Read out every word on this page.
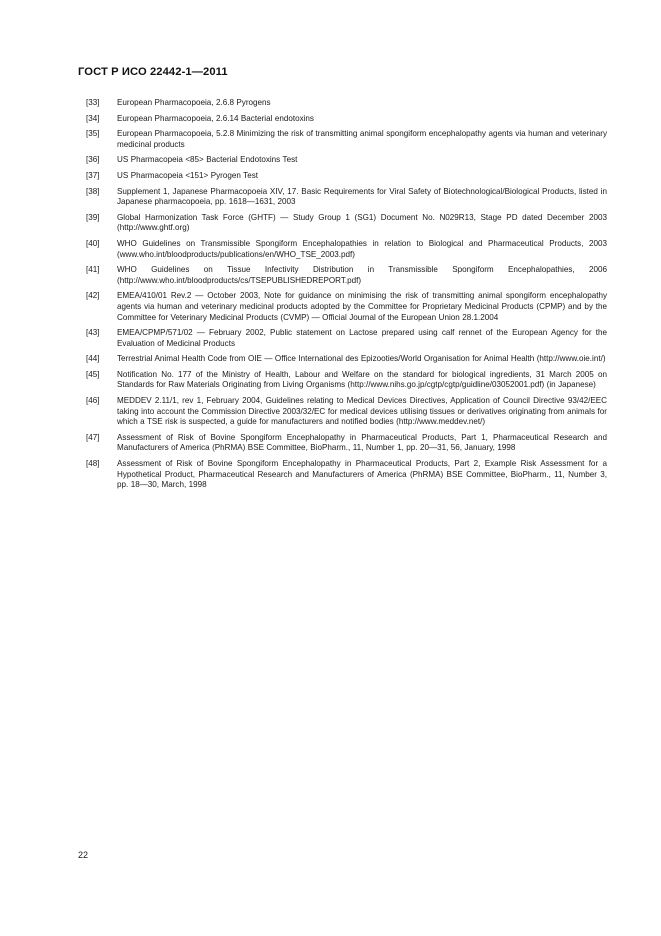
ГОСТ Р ИСО 22442-1—2011
[33]	European Pharmacopoeia, 2.6.8 Pyrogens
[34]	European Pharmacopoeia, 2.6.14 Bacterial endotoxins
[35]	European Pharmacopoeia, 5.2.8 Minimizing the risk of transmitting animal spongiform encephalopathy agents via human and veterinary medicinal products
[36]	US Pharmacopeia <85> Bacterial Endotoxins Test
[37]	US Pharmacopeia <151> Pyrogen Test
[38]	Supplement 1, Japanese Pharmacopoeia XIV, 17. Basic Requirements for Viral Safety of Biotechnological/Biological Products, listed in Japanese pharmacopoeia, pp. 1618—1631, 2003
[39]	Global Harmonization Task Force (GHTF) — Study Group 1 (SG1) Document No. N029R13, Stage PD dated December 2003 (http://www.ghtf.org)
[40]	WHO Guidelines on Transmissible Spongiform Encephalopathies in relation to Biological and Pharmaceutical Products, 2003 (www.who.int/bloodproducts/publications/en/WHO_TSE_2003.pdf)
[41]	WHO Guidelines on Tissue Infectivity Distribution in Transmissible Spongiform Encephalopathies, 2006 (http://www.who.int/bloodproducts/cs/TSEPUBLISHEDREPORT.pdf)
[42]	EMEA/410/01 Rev.2 — October 2003, Note for guidance on minimising the risk of transmitting animal spongiform encephalopathy agents via human and veterinary medicinal products adopted by the Committee for Proprietary Medicinal Products (CPMP) and by the Committee for Veterinary Medicinal Products (CVMP) — Official Journal of the European Union 28.1.2004
[43]	EMEA/CPMP/571/02 — February 2002, Public statement on Lactose prepared using calf rennet of the European Agency for the Evaluation of Medicinal Products
[44]	Terrestrial Animal Health Code from OIE — Office International des Epizooties/World Organisation for Animal Health (http://www.oie.int/)
[45]	Notification No. 177 of the Ministry of Health, Labour and Welfare on the standard for biological ingredients, 31 March 2005 on Standards for Raw Materials Originating from Living Organisms (http://www.nihs.go.jp/cgtp/cgtp/guidline/03052001.pdf) (in Japanese)
[46]	MEDDEV 2.11/1, rev 1, February 2004, Guidelines relating to Medical Devices Directives, Application of Council Directive 93/42/EEC taking into account the Commission Directive 2003/32/EC for medical devices utilising tissues or derivatives originating from animals for which a TSE risk is suspected, a guide for manufacturers and notified bodies (http://www.meddev.net/)
[47]	Assessment of Risk of Bovine Spongiform Encephalopathy in Pharmaceutical Products, Part 1, Pharmaceutical Research and Manufacturers of America (PhRMA) BSE Committee, BioPharm., 11, Number 1, pp. 20—31, 56, January, 1998
[48]	Assessment of Risk of Bovine Spongiform Encephalopathy in Pharmaceutical Products, Part 2, Example Risk Assessment for a Hypothetical Product, Pharmaceutical Research and Manufacturers of America (PhRMA) BSE Committee, BioPharm., 11, Number 3, pp. 18—30, March, 1998
22
